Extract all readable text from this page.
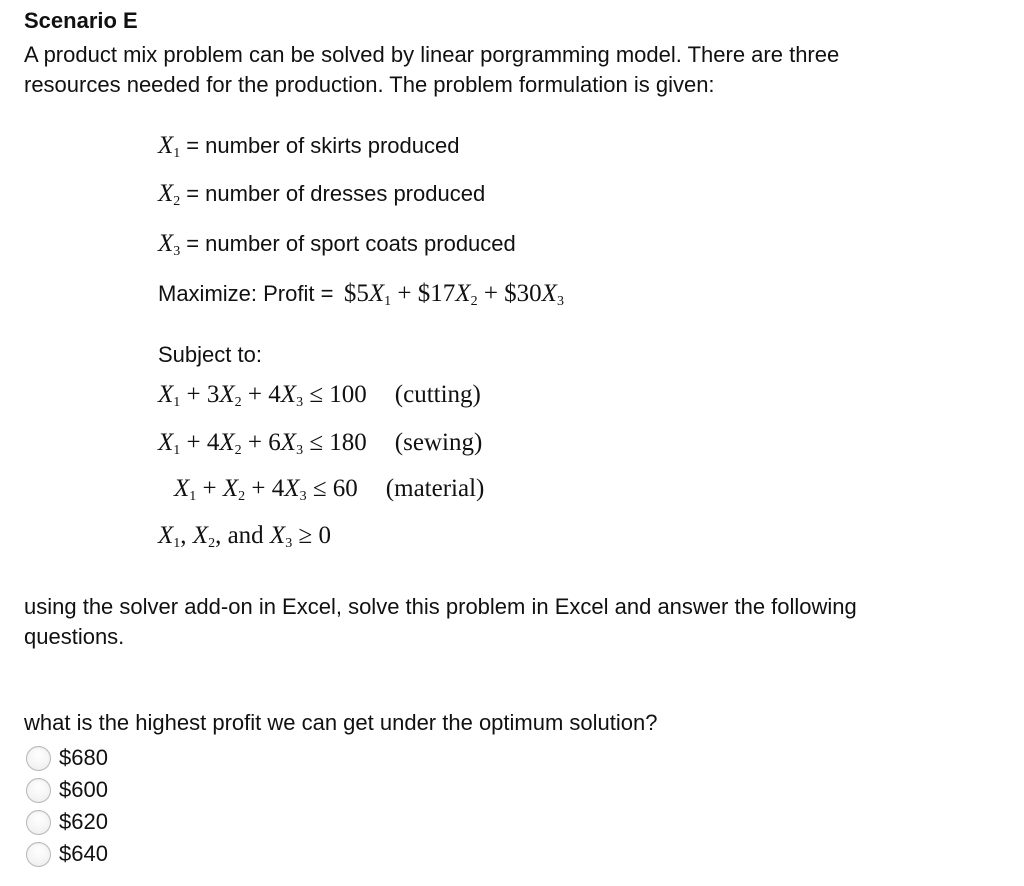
Scenario E
A product mix problem can be solved by linear porgramming model. There are three
resources needed for the production. The problem formulation is given:
$X_1$ = number of skirts produced
$X_2$ = number of dresses produced
$X_3$ = number of sport coats produced
Maximize: Profit = $\$5X_1$ + $\$17X_2$ + $\$30X_3$
Subject to:
$X_1 + 3X_2 + 4X_3 \le 100$ (cutting)
$X_1 + 4X_2 + 6X_3 \le 180$ (sewing)
$X_1 + X_2 + 4X_3 \le 60$ (material)
$X_1$, $X_2$, and $X_3 \ge 0$
using the solver add-on in Excel, solve this problem in Excel and answer the following
questions.
what is the highest profit we can get under the optimum solution?
$680
$600
$620
$640
